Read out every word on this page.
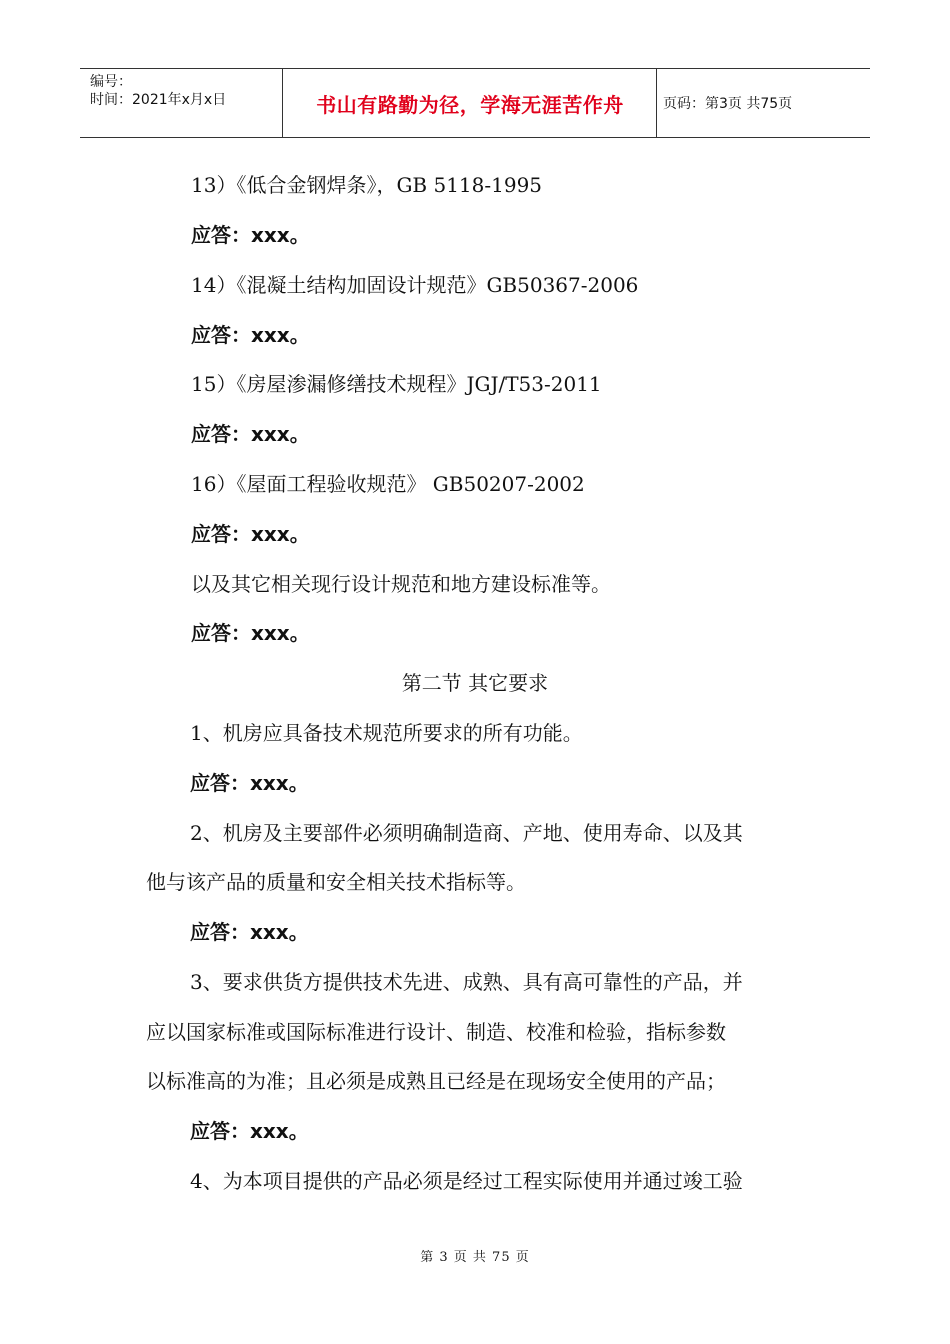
编号：
时间：2021年x月x日	书山有路勤为径，学海无涯苦作舟	页码：第3页 共75页
13）《低合金钢焊条》，GB 5118-1995
应答：xxx。
14）《混凝土结构加固设计规范》GB50367-2006
应答：xxx。
15）《房屋渗漏修缮技术规程》JGJ/T53-2011
应答：xxx。
16）《屋面工程验收规范》 GB50207-2002
应答：xxx。
以及其它相关现行设计规范和地方建设标准等。
应答：xxx。
第二节 其它要求
1、机房应具备技术规范所要求的所有功能。
应答：xxx。
2、机房及主要部件必须明确制造商、产地、使用寿命、以及其
他与该产品的质量和安全相关技术指标等。
应答：xxx。
3、要求供货方提供技术先进、成熟、具有高可靠性的产品，并
应以国家标准或国际标准进行设计、制造、校准和检验，指标参数
以标准高的为准；且必须是成熟且已经是在现场安全使用的产品；
应答：xxx。
4、为本项目提供的产品必须是经过工程实际使用并通过竣工验
第 3 页 共 75 页
